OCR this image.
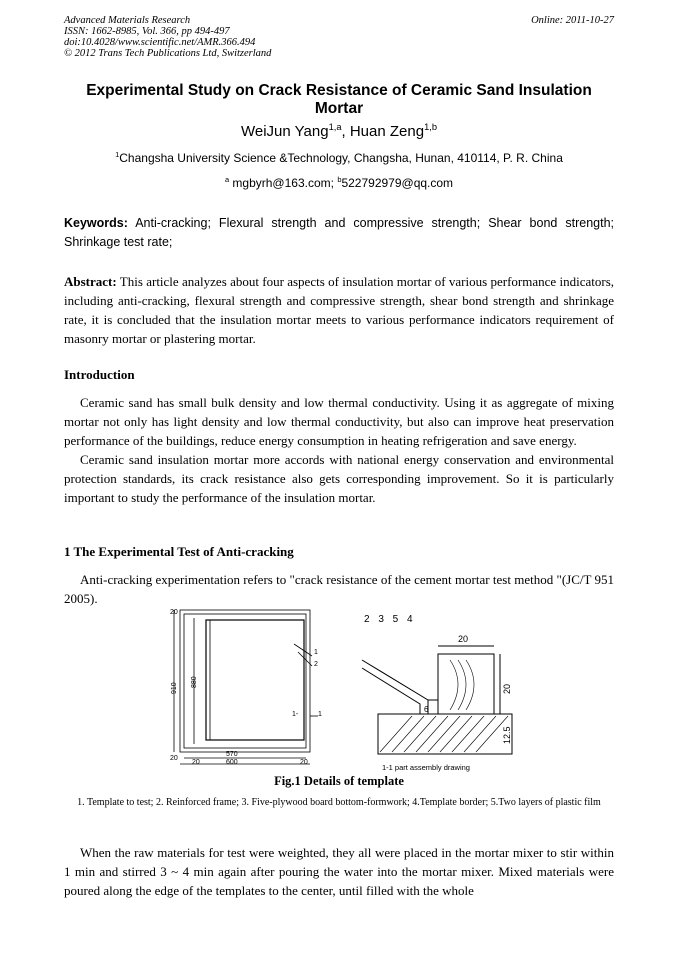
Advanced Materials Research
ISSN: 1662-8985, Vol. 366, pp 494-497
doi:10.4028/www.scientific.net/AMR.366.494
© 2012 Trans Tech Publications Ltd, Switzerland
Online: 2011-10-27
Experimental Study on Crack Resistance of Ceramic Sand Insulation Mortar
WeiJun Yang$^{1,a}$, Huan Zeng$^{1,b}$
$^1$Changsha University Science &Technology, Changsha, Hunan, 410114, P. R. China
$^a$ mgbyrh@163.com; $^b$522792979@qq.com
Keywords: Anti-cracking; Flexural strength and compressive strength; Shear bond strength; Shrinkage test rate;
Abstract: This article analyzes about four aspects of insulation mortar of various performance indicators, including anti-cracking, flexural strength and compressive strength, shear bond strength and shrinkage rate, it is concluded that the insulation mortar meets to various performance indicators requirement of masonry mortar or plastering mortar.
Introduction

Ceramic sand has small bulk density and low thermal conductivity. Using it as aggregate of mixing mortar not only has light density and low thermal conductivity, but also can improve heat preservation performance of the buildings, reduce energy consumption in heating refrigeration and save energy.

Ceramic sand insulation mortar more accords with national energy conservation and environmental protection standards, its crack resistance also gets corresponding improvement. So it is particularly important to study the performance of the insulation mortar.

1 The Experimental Test of Anti-cracking

Anti-cracking experimentation refers to "crack resistance of the cement mortar test method "(JC/T 951 2005).

20
910
880
20
20
570
600	20
1
2
1-	1
2 3 5 4
20
6
20
12.5
1-1 part assembly drawing
Fig.1 Details of template
1. Template to test; 2. Reinforced frame; 3. Five-plywood board bottom-formwork; 4.Template border; 5.Two layers of plastic film

When the raw materials for test were weighted, they all were placed in the mortar mixer to stir within 1 min and stirred 3 ~ 4 min again after pouring the water into the mortar mixer. Mixed materials were poured along the edge of the templates to the center, until filled with the whole
